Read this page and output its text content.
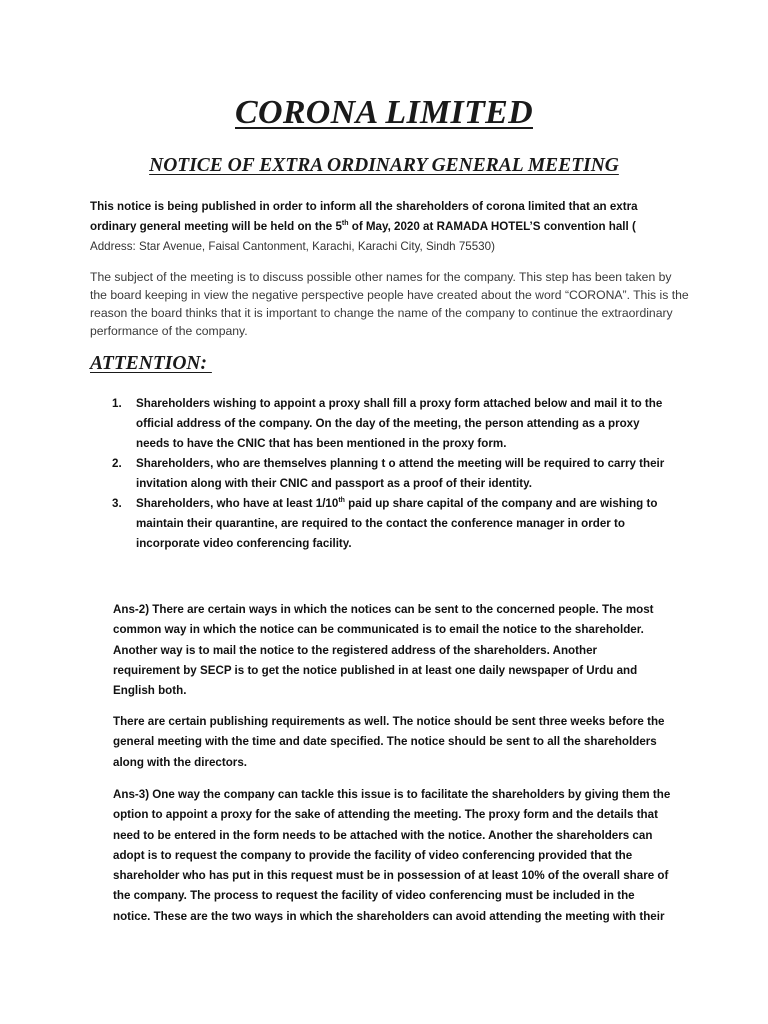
CORONA LIMITED
NOTICE OF EXTRA ORDINARY GENERAL MEETING

This notice is being published in order to inform all the shareholders of corona limited that an extra
ordinary general meeting will be held on the 5th of May, 2020 at RAMADA HOTEL’S convention hall (
Address: Star Avenue, Faisal Cantonment, Karachi, Karachi City, Sindh 75530)

The subject of the meeting is to discuss possible other names for the company. This step has been taken by the board keeping in view the negative perspective people have created about the word “CORONA”. This is the reason the board thinks that it is important to change the name of the company to continue the extraordinary performance of the company.

ATTENTION:
1. Shareholders wishing to appoint a proxy shall fill a proxy form attached below and mail it to the
official address of the company. On the day of the meeting, the person attending as a proxy
needs to have the CNIC that has been mentioned in the proxy form.
2. Shareholders, who are themselves planning t o attend the meeting will be required to carry their
invitation along with their CNIC and passport as a proof of their identity.
3. Shareholders, who have at least 1/10th paid up share capital of the company and are wishing to
maintain their quarantine, are required to the contact the conference manager in order to
incorporate video conferencing facility.

Ans-2) There are certain ways in which the notices can be sent to the concerned people. The most
common way in which the notice can be communicated is to email the notice to the shareholder.
Another way is to mail the notice to the registered address of the shareholders. Another
requirement by SECP is to get the notice published in at least one daily newspaper of Urdu and
English both.

There are certain publishing requirements as well. The notice should be sent three weeks before the
general meeting with the time and date specified. The notice should be sent to all the shareholders
along with the directors.

Ans-3) One way the company can tackle this issue is to facilitate the shareholders by giving them the
option to appoint a proxy for the sake of attending the meeting. The proxy form and the details that
need to be entered in the form needs to be attached with the notice. Another the shareholders can
adopt is to request the company to provide the facility of video conferencing provided that the
shareholder who has put in this request must be in possession of at least 10% of the overall share of
the company. The process to request the facility of video conferencing must be included in the
notice. These are the two ways in which the shareholders can avoid attending the meeting with their
